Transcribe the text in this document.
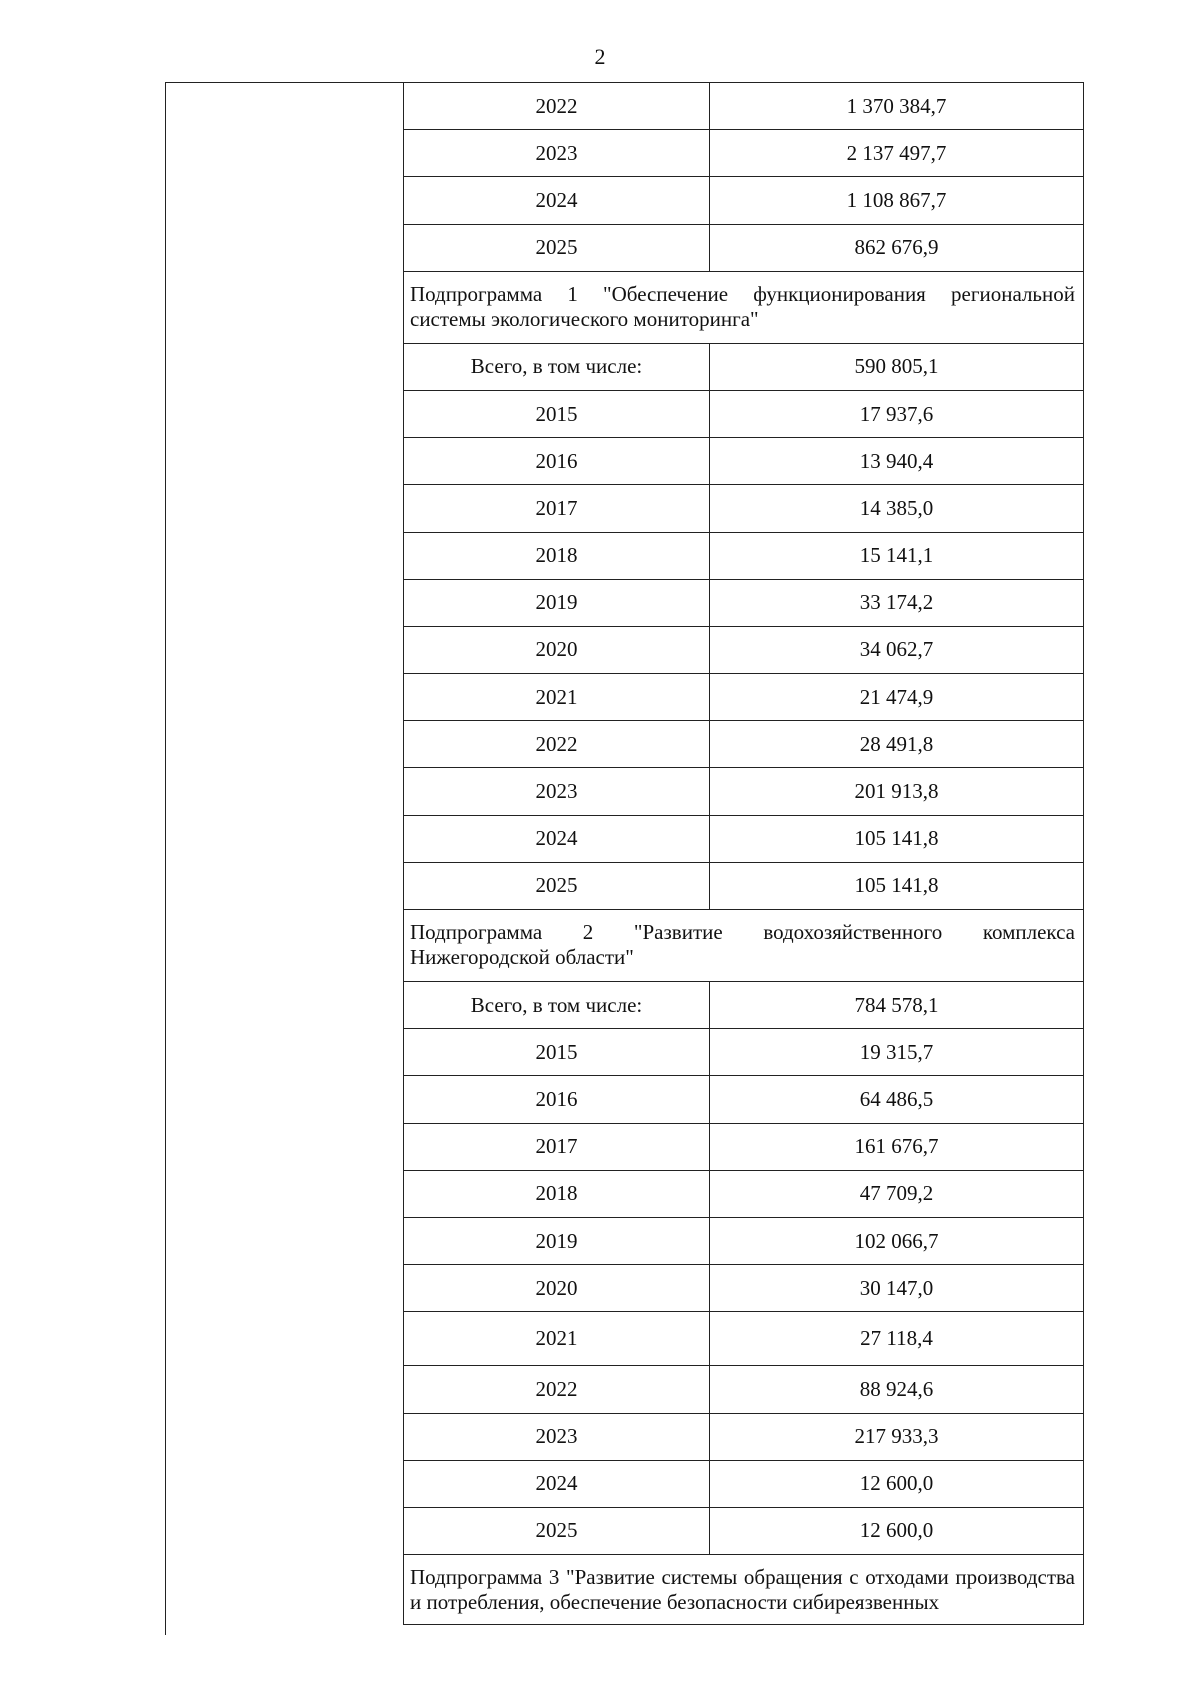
2
2022	1 370 384,7
2023	2 137 497,7
2024	1 108 867,7
2025	862 676,9
Подпрограмма 1 "Обеспечение функционирования региональной системы экологического мониторинга"
Всего, в том числе:	590 805,1
2015	17 937,6
2016	13 940,4
2017	14 385,0
2018	15 141,1
2019	33 174,2
2020	34 062,7
2021	21 474,9
2022	28 491,8
2023	201 913,8
2024	105 141,8
2025	105 141,8
Подпрограмма 2 "Развитие водохозяйственного комплекса Нижегородской области"
Всего, в том числе:	784 578,1
2015	19 315,7
2016	64 486,5
2017	161 676,7
2018	47 709,2
2019	102 066,7
2020	30 147,0
2021	27 118,4
2022	88 924,6
2023	217 933,3
2024	12 600,0
2025	12 600,0
Подпрограмма 3 "Развитие системы обращения с отходами производства и потребления, обеспечение безопасности сибиреязвенных
